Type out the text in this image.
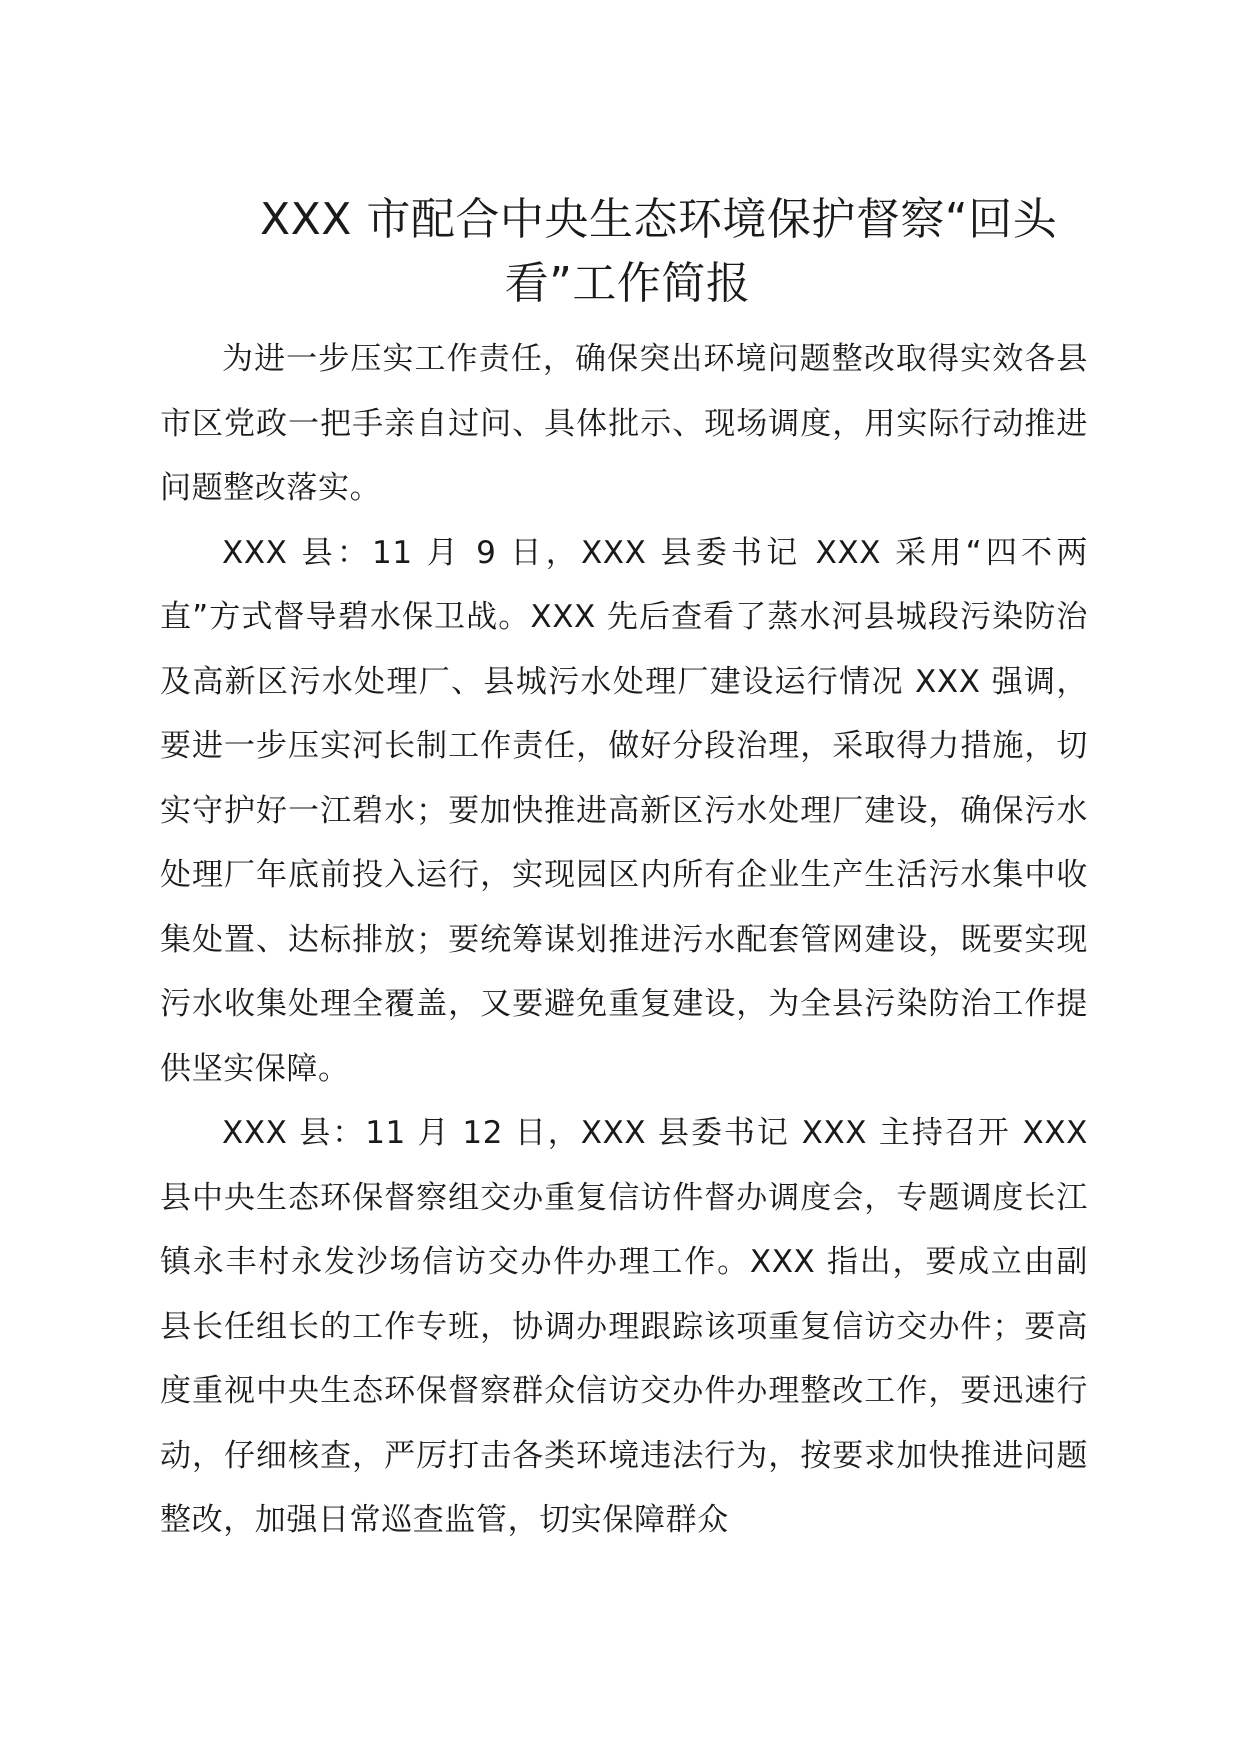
XXX 市配合中央生态环境保护督察“回头
看”工作简报

为进一步压实工作责任，确保突出环境问题整改取得实效各县市区党政一把手亲自过问、具体批示、现场调度，用实际行动推进问题整改落实。

XXX 县：11 月 9 日，XXX 县委书记 XXX 采用“四不两直”方式督导碧水保卫战。XXX 先后查看了蒸水河县城段污染防治及高新区污水处理厂、县城污水处理厂建设运行情况 XXX 强调，要进一步压实河长制工作责任，做好分段治理，采取得力措施，切实守护好一江碧水；要加快推进高新区污水处理厂建设，确保污水处理厂年底前投入运行，实现园区内所有企业生产生活污水集中收集处置、达标排放；要统筹谋划推进污水配套管网建设，既要实现污水收集处理全覆盖，又要避免重复建设，为全县污染防治工作提供坚实保障。

XXX 县：11 月 12 日，XXX 县委书记 XXX 主持召开 XXX 县中央生态环保督察组交办重复信访件督办调度会，专题调度长江镇永丰村永发沙场信访交办件办理工作。XXX 指出，要成立由副县长任组长的工作专班，协调办理跟踪该项重复信访交办件；要高度重视中央生态环保督察群众信访交办件办理整改工作，要迅速行动，仔细核查，严厉打击各类环境违法行为，按要求加快推进问题整改，加强日常巡查监管，切实保障群众
